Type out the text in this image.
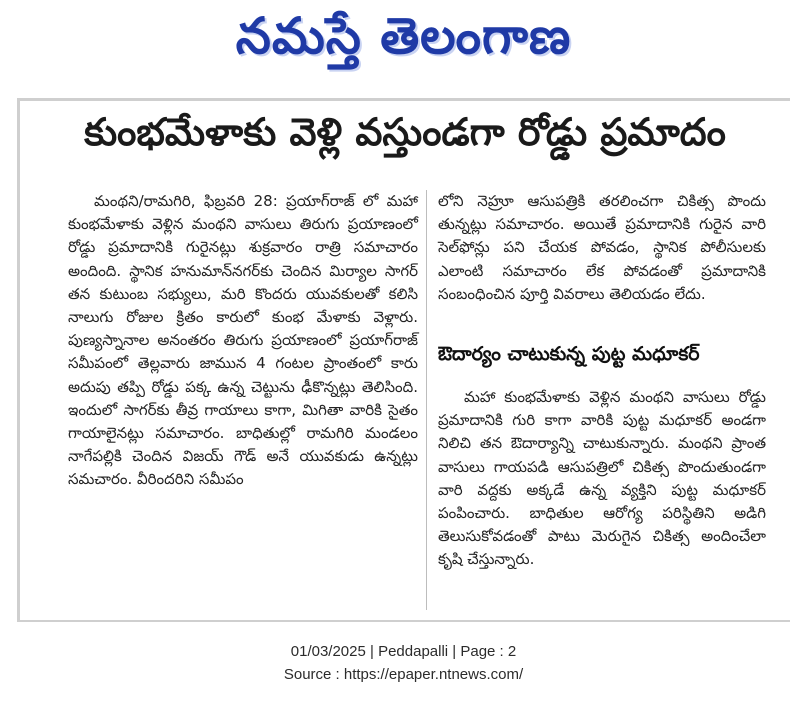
నమస్తే తెలంగాణ
కుంభమేళాకు వెళ్లి వస్తుండగా రోడ్డు ప్రమాదం

మంథని/రామగిరి, ఫిబ్రవరి 28: ప్రయాగ్‌రాజ్ లో మహా కుంభమేళాకు వెళ్లిన మంథని వాసులు తిరుగు ప్రయాణంలో రోడ్డు ప్రమాదానికి గురైనట్లు శుక్రవారం రాత్రి సమాచారం అందింది. స్థానిక హనుమాన్‌నగర్‌కు చెందిన మిర్యాల సాగర్ తన కుటుంబ సభ్యులు, మరి కొందరు యువకులతో కలిసి నాలుగు రోజుల క్రితం కారులో కుంభ మేళాకు వెళ్లారు. పుణ్యస్నానాల అనంతరం తిరుగు ప్రయాణంలో ప్రయాగ్‌రాజ్ సమీపంలో తెల్లవారు జామున 4 గంటల ప్రాంతంలో కారు అదుపు తప్పి రోడ్డు పక్క ఉన్న చెట్టును ఢీకొన్నట్లు తెలిసింది. ఇందులో సాగర్‌కు తీవ్ర గాయాలు కాగా, మిగితా వారికి సైతం గాయాలైనట్లు సమాచారం. బాధితుల్లో రామగిరి మండలం నాగేపల్లికి చెందిన విజయ్ గౌడ్ అనే యువకుడు ఉన్నట్లు సమచారం. వీరిందరిని సమీపం

లోని నెహ్రూ ఆసుపత్రికి తరలించగా చికిత్స పొందు తున్నట్లు సమాచారం. అయితే ప్రమాదానికి గురైన వారి సెల్‌ఫోన్లు పని చేయక పోవడం, స్థానిక పోలీసులకు ఎలాంటి సమాచారం లేక పోవడంతో ప్రమాదానికి సంబంధించిన పూర్తి వివరాలు తెలియడం లేదు.

ఔదార్యం చాటుకున్న పుట్ట మధూకర్

మహా కుంభమేళాకు వెళ్లిన మంథని వాసులు రోడ్డు ప్రమాదానికి గురి కాగా వారికి పుట్ట మధూకర్ అండగా నిలిచి తన ఔదార్యాన్ని చాటుకున్నారు. మంథని ప్రాంత వాసులు గాయపడి ఆసుపత్రిలో చికిత్స పొందుతుండగా వారి వద్దకు అక్కడే ఉన్న వ్యక్తిని పుట్ట మధూకర్ పంపించారు. బాధితుల ఆరోగ్య పరిస్థితిని అడిగి తెలుసుకోవడంతో పాటు మెరుగైన చికిత్స అందించేలా కృషి చేస్తున్నారు.

01/03/2025 | Peddapalli | Page : 2
Source : https://epaper.ntnews.com/
